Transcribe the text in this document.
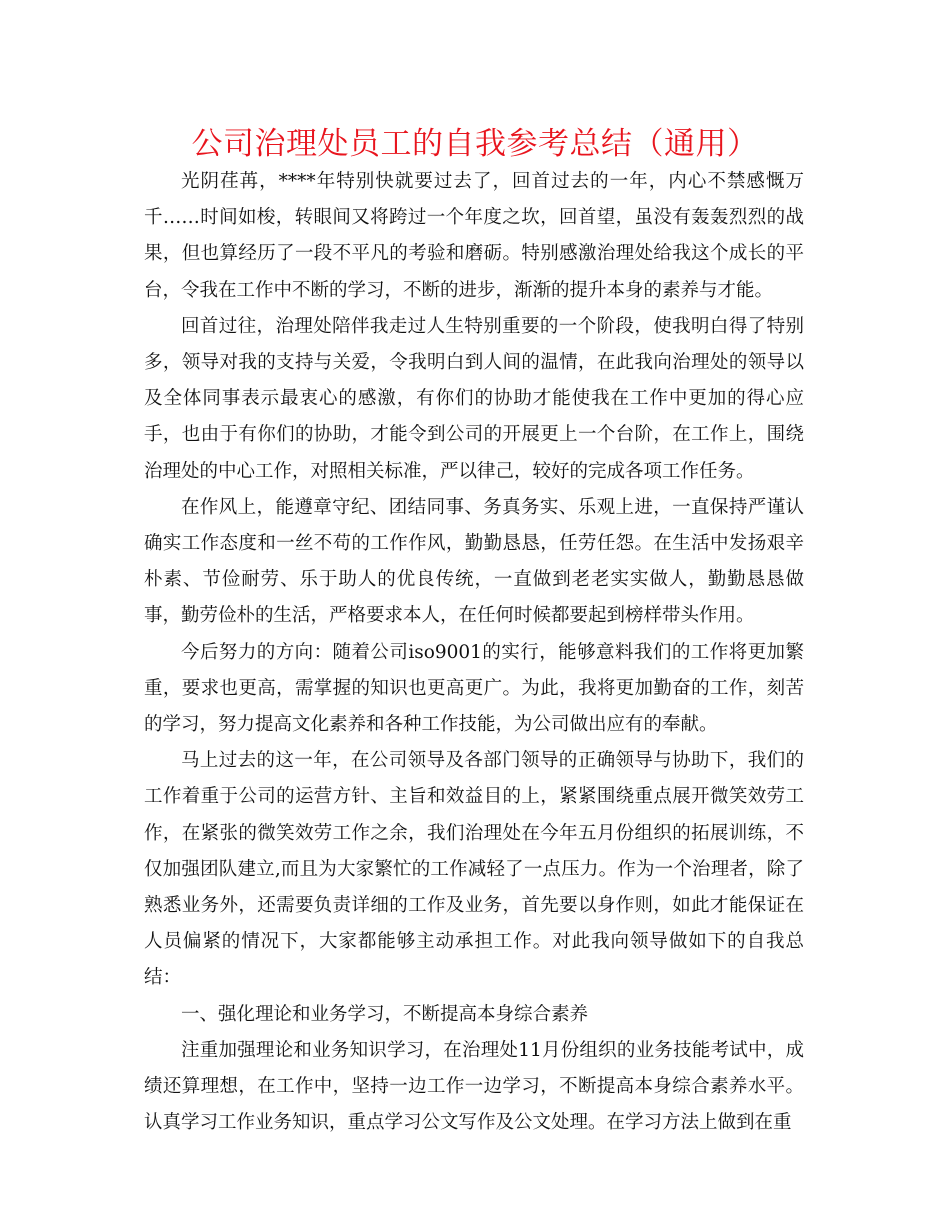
公司治理处员工的自我参考总结（通用）

光阴荏苒，****年特别快就要过去了，回首过去的一年，内心不禁感慨万千……时间如梭，转眼间又将跨过一个年度之坎，回首望，虽没有轰轰烈烈的战果，但也算经历了一段不平凡的考验和磨砺。特别感激治理处给我这个成长的平台，令我在工作中不断的学习，不断的进步，渐渐的提升本身的素养与才能。

回首过往，治理处陪伴我走过人生特别重要的一个阶段，使我明白得了特别多，领导对我的支持与关爱，令我明白到人间的温情，在此我向治理处的领导以及全体同事表示最衷心的感激，有你们的协助才能使我在工作中更加的得心应手，也由于有你们的协助，才能令到公司的开展更上一个台阶，在工作上，围绕治理处的中心工作，对照相关标准，严以律己，较好的完成各项工作任务。

在作风上，能遵章守纪、团结同事、务真务实、乐观上进，一直保持严谨认确实工作态度和一丝不苟的工作作风，勤勤恳恳，任劳任怨。在生活中发扬艰辛朴素、节俭耐劳、乐于助人的优良传统，一直做到老老实实做人，勤勤恳恳做事，勤劳俭朴的生活，严格要求本人，在任何时候都要起到榜样带头作用。

今后努力的方向：随着公司iso9001的实行，能够意料我们的工作将更加繁重，要求也更高，需掌握的知识也更高更广。为此，我将更加勤奋的工作，刻苦的学习，努力提高文化素养和各种工作技能，为公司做出应有的奉献。

马上过去的这一年，在公司领导及各部门领导的正确领导与协助下，我们的工作着重于公司的运营方针、主旨和效益目的上，紧紧围绕重点展开微笑效劳工作，在紧张的微笑效劳工作之余，我们治理处在今年五月份组织的拓展训练，不仅加强团队建立,而且为大家繁忙的工作减轻了一点压力。作为一个治理者，除了熟悉业务外，还需要负责详细的工作及业务，首先要以身作则，如此才能保证在人员偏紧的情况下，大家都能够主动承担工作。对此我向领导做如下的自我总结：

一、强化理论和业务学习，不断提高本身综合素养

注重加强理论和业务知识学习，在治理处11月份组织的业务技能考试中，成绩还算理想，在工作中，坚持一边工作一边学习，不断提高本身综合素养水平。认真学习工作业务知识，重点学习公文写作及公文处理。在学习方法上做到在重
